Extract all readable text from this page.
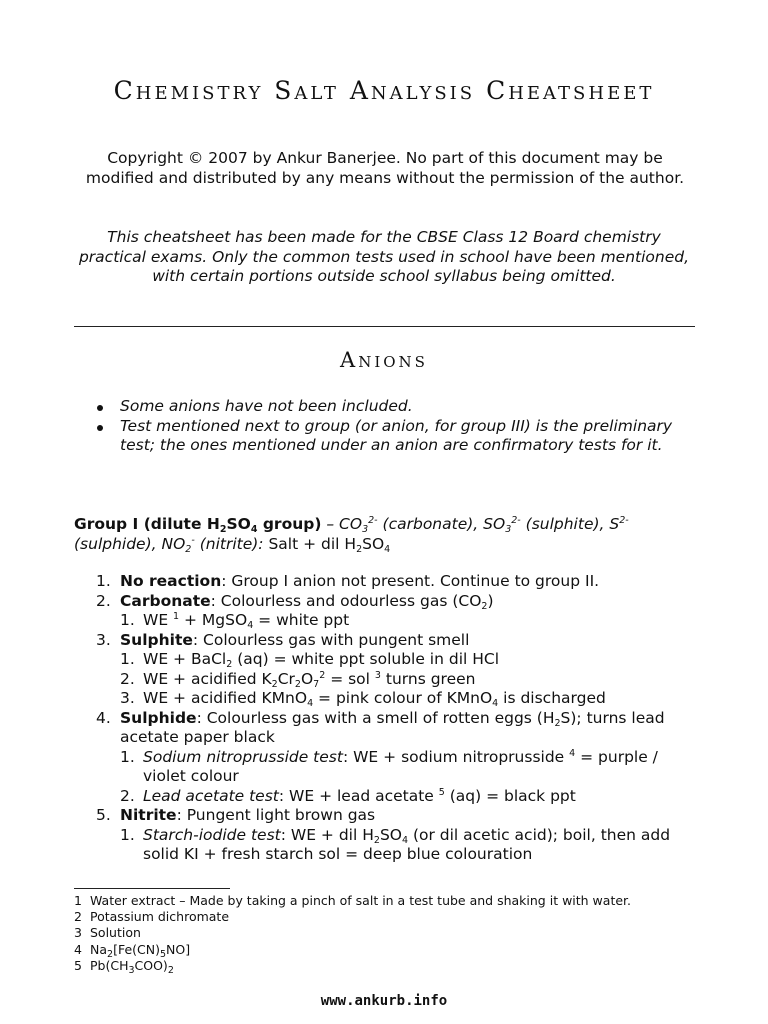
Chemistry Salt Analysis Cheatsheet
Copyright © 2007 by Ankur Banerjee. No part of this document may be modified and distributed by any means without the permission of the author.
This cheatsheet has been made for the CBSE Class 12 Board chemistry practical exams. Only the common tests used in school have been mentioned, with certain portions outside school syllabus being omitted.
Anions
Some anions have not been included.
Test mentioned next to group (or anion, for group III) is the preliminary test; the ones mentioned under an anion are confirmatory tests for it.
Group I (dilute $H_2SO_4$ group) – $CO_3^{2-}$ (carbonate), $SO_3^{2-}$ (sulphite), $S^{2-}$ (sulphide), $NO_2^-$ (nitrite): Salt + dil $H_2SO_4$
1. No reaction: Group I anion not present. Continue to group II.
2. Carbonate: Colourless and odourless gas $(CO_2)$
1. WE $^1$ + MgSO$_4$ = white ppt
3. Sulphite: Colourless gas with pungent smell
1. WE + BaCl$_2$ (aq) = white ppt soluble in dil HCl
2. WE + acidified $K_2Cr_2O_7^2$ = sol $^3$ turns green
3. WE + acidified KMnO$_4$ = pink colour of KMnO$_4$ is discharged
4. Sulphide: Colourless gas with a smell of rotten eggs $(H_2S)$; turns lead acetate paper black
1. Sodium nitroprusside test: WE + sodium nitroprusside $^4$ = purple / violet colour
2. Lead acetate test: WE + lead acetate $^5$ (aq) = black ppt
5. Nitrite: Pungent light brown gas
1. Starch-iodide test: WE + dil $H_2SO_4$ (or dil acetic acid); boil, then add solid KI + fresh starch sol = deep blue colouration
1 Water extract – Made by taking a pinch of salt in a test tube and shaking it with water.
2 Potassium dichromate
3 Solution
4 $Na_2[Fe(CN)_5NO]$
5 $Pb(CH_3COO)_2$
www.ankurb.info
